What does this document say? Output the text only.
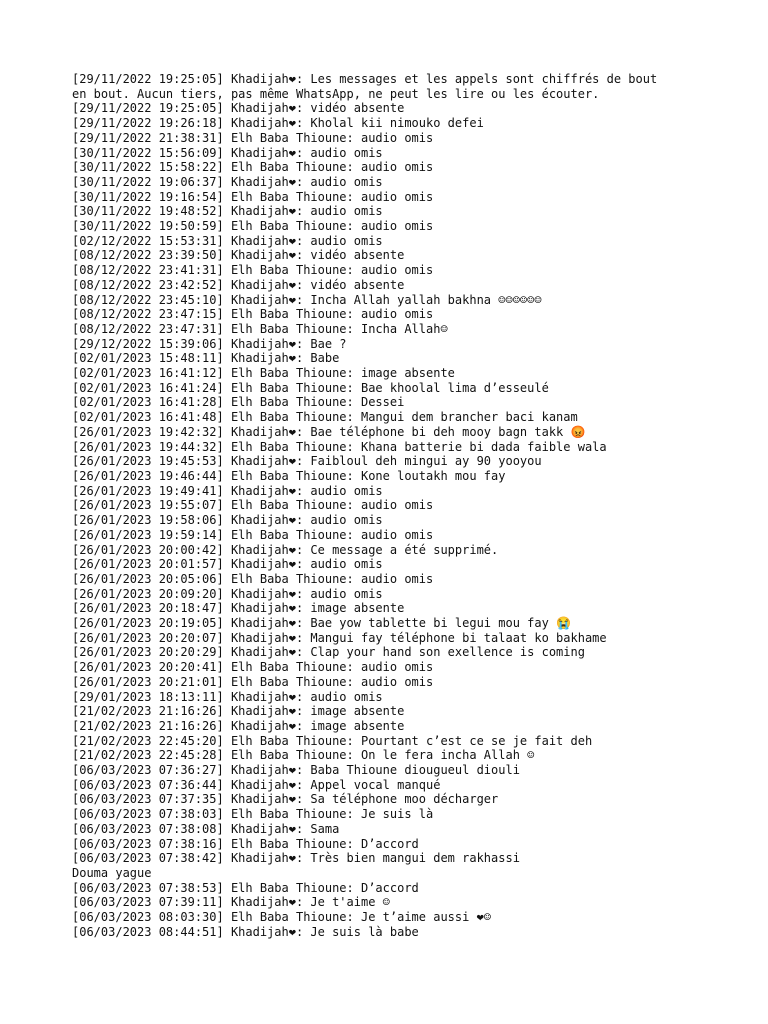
[29/11/2022 19:25:05] Khadijah❤: Les messages et les appels sont chiffrés de bout
en bout. Aucun tiers, pas même WhatsApp, ne peut les lire ou les écouter.
[29/11/2022 19:25:05] Khadijah❤: vidéo absente
[29/11/2022 19:26:18] Khadijah❤: Kholal kii nimouko defei
[29/11/2022 21:38:31] Elh Baba Thioune: audio omis
[30/11/2022 15:56:09] Khadijah❤: audio omis
[30/11/2022 15:58:22] Elh Baba Thioune: audio omis
[30/11/2022 19:06:37] Khadijah❤: audio omis
[30/11/2022 19:16:54] Elh Baba Thioune: audio omis
[30/11/2022 19:48:52] Khadijah❤: audio omis
[30/11/2022 19:50:59] Elh Baba Thioune: audio omis
[02/12/2022 15:53:31] Khadijah❤: audio omis
[08/12/2022 23:39:50] Khadijah❤: vidéo absente
[08/12/2022 23:41:31] Elh Baba Thioune: audio omis
[08/12/2022 23:42:52] Khadijah❤: vidéo absente
[08/12/2022 23:45:10] Khadijah❤: Incha Allah yallah bakhna ☺☺☺☺☺☺
[08/12/2022 23:47:15] Elh Baba Thioune: audio omis
[08/12/2022 23:47:31] Elh Baba Thioune: Incha Allah☺
[29/12/2022 15:39:06] Khadijah❤: Bae ?
[02/01/2023 15:48:11] Khadijah❤: Babe
[02/01/2023 16:41:12] Elh Baba Thioune: image absente
[02/01/2023 16:41:24] Elh Baba Thioune: Bae khoolal lima d’esseulé
[02/01/2023 16:41:28] Elh Baba Thioune: Dessei
[02/01/2023 16:41:48] Elh Baba Thioune: Mangui dem brancher baci kanam
[26/01/2023 19:42:32] Khadijah❤: Bae téléphone bi deh mooy bagn takk 😡
[26/01/2023 19:44:32] Elh Baba Thioune: Khana batterie bi dada faible wala
[26/01/2023 19:45:53] Khadijah❤: Faibloul deh mingui ay 90 yooyou
[26/01/2023 19:46:44] Elh Baba Thioune: Kone loutakh mou fay
[26/01/2023 19:49:41] Khadijah❤: audio omis
[26/01/2023 19:55:07] Elh Baba Thioune: audio omis
[26/01/2023 19:58:06] Khadijah❤: audio omis
[26/01/2023 19:59:14] Elh Baba Thioune: audio omis
[26/01/2023 20:00:42] Khadijah❤: Ce message a été supprimé.
[26/01/2023 20:01:57] Khadijah❤: audio omis
[26/01/2023 20:05:06] Elh Baba Thioune: audio omis
[26/01/2023 20:09:20] Khadijah❤: audio omis
[26/01/2023 20:18:47] Khadijah❤: image absente
[26/01/2023 20:19:05] Khadijah❤: Bae yow tablette bi legui mou fay 😭
[26/01/2023 20:20:07] Khadijah❤: Mangui fay téléphone bi talaat ko bakhame
[26/01/2023 20:20:29] Khadijah❤: Clap your hand son exellence is coming
[26/01/2023 20:20:41] Elh Baba Thioune: audio omis
[26/01/2023 20:21:01] Elh Baba Thioune: audio omis
[29/01/2023 18:13:11] Khadijah❤: audio omis
[21/02/2023 21:16:26] Khadijah❤: image absente
[21/02/2023 21:16:26] Khadijah❤: image absente
[21/02/2023 22:45:20] Elh Baba Thioune: Pourtant c’est ce se je fait deh
[21/02/2023 22:45:28] Elh Baba Thioune: On le fera incha Allah ☺
[06/03/2023 07:36:27] Khadijah❤: Baba Thioune diougueul diouli
[06/03/2023 07:36:44] Khadijah❤: Appel vocal manqué
[06/03/2023 07:37:35] Khadijah❤: Sa téléphone moo décharger
[06/03/2023 07:38:03] Elh Baba Thioune: Je suis là
[06/03/2023 07:38:08] Khadijah❤: Sama
[06/03/2023 07:38:16] Elh Baba Thioune: D’accord
[06/03/2023 07:38:42] Khadijah❤: Très bien mangui dem rakhassi
Douma yague
[06/03/2023 07:38:53] Elh Baba Thioune: D’accord
[06/03/2023 07:39:11] Khadijah❤: Je t'aime ☺
[06/03/2023 08:03:30] Elh Baba Thioune: Je t’aime aussi ❤☺
[06/03/2023 08:44:51] Khadijah❤: Je suis là babe
